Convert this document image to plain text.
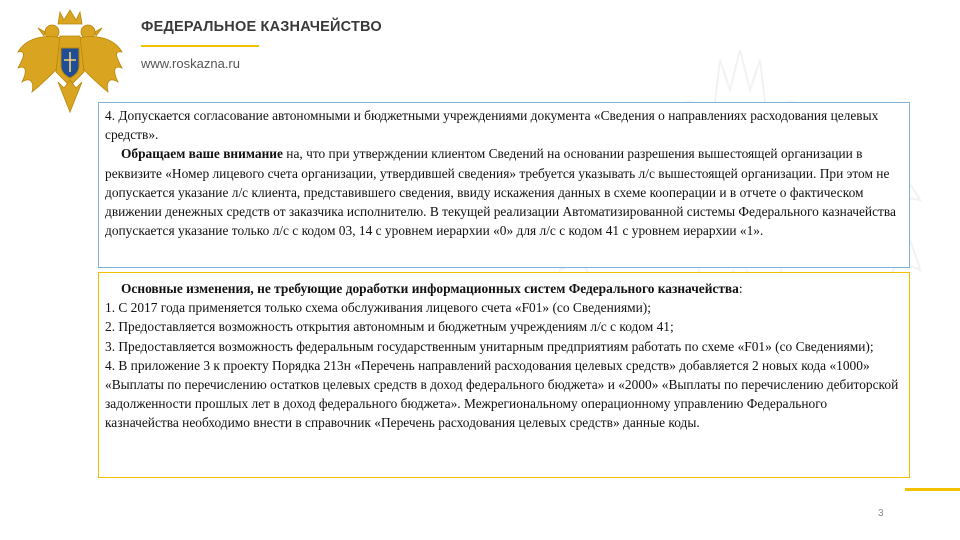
ФЕДЕРАЛЬНОЕ КАЗНАЧЕЙСТВО
www.roskazna.ru

4. Допускается согласование автономными и бюджетными учреждениями документа «Сведения о направлениях расходования целевых средств».

Обращаем ваше внимание на, что при утверждении клиентом Сведений на основании разрешения вышестоящей организации в реквизите «Номер лицевого счета организации, утвердившей сведения» требуется указывать л/с вышестоящей организации. При этом не допускается указание л/с клиента, представившего сведения, ввиду искажения данных в схеме кооперации и в отчете о фактическом движении денежных средств от заказчика исполнителю. В текущей реализации Автоматизированной системы Федерального казначейства допускается указание только л/с с кодом 03, 14 с уровнем иерархии «0» для л/с с кодом 41 с уровнем иерархии «1».

Основные изменения, не требующие доработки информационных систем Федерального казначейства:

1. С 2017 года применяется только схема обслуживания лицевого счета «F01» (со Сведениями);

2. Предоставляется возможность открытия автономным и бюджетным учреждениям л/с с кодом 41;

3. Предоставляется возможность федеральным государственным унитарным предприятиям работать по схеме «F01» (со Сведениями);

4. В приложение 3 к проекту Порядка 213н «Перечень направлений расходования целевых средств» добавляется 2 новых кода «1000» «Выплаты по перечислению остатков целевых средств в доход федерального бюджета» и «2000» «Выплаты по перечислению дебиторской задолженности прошлых лет в доход федерального бюджета». Межрегиональному операционному управлению Федерального казначейства необходимо внести в справочник «Перечень расходования целевых средств» данные коды.

3
